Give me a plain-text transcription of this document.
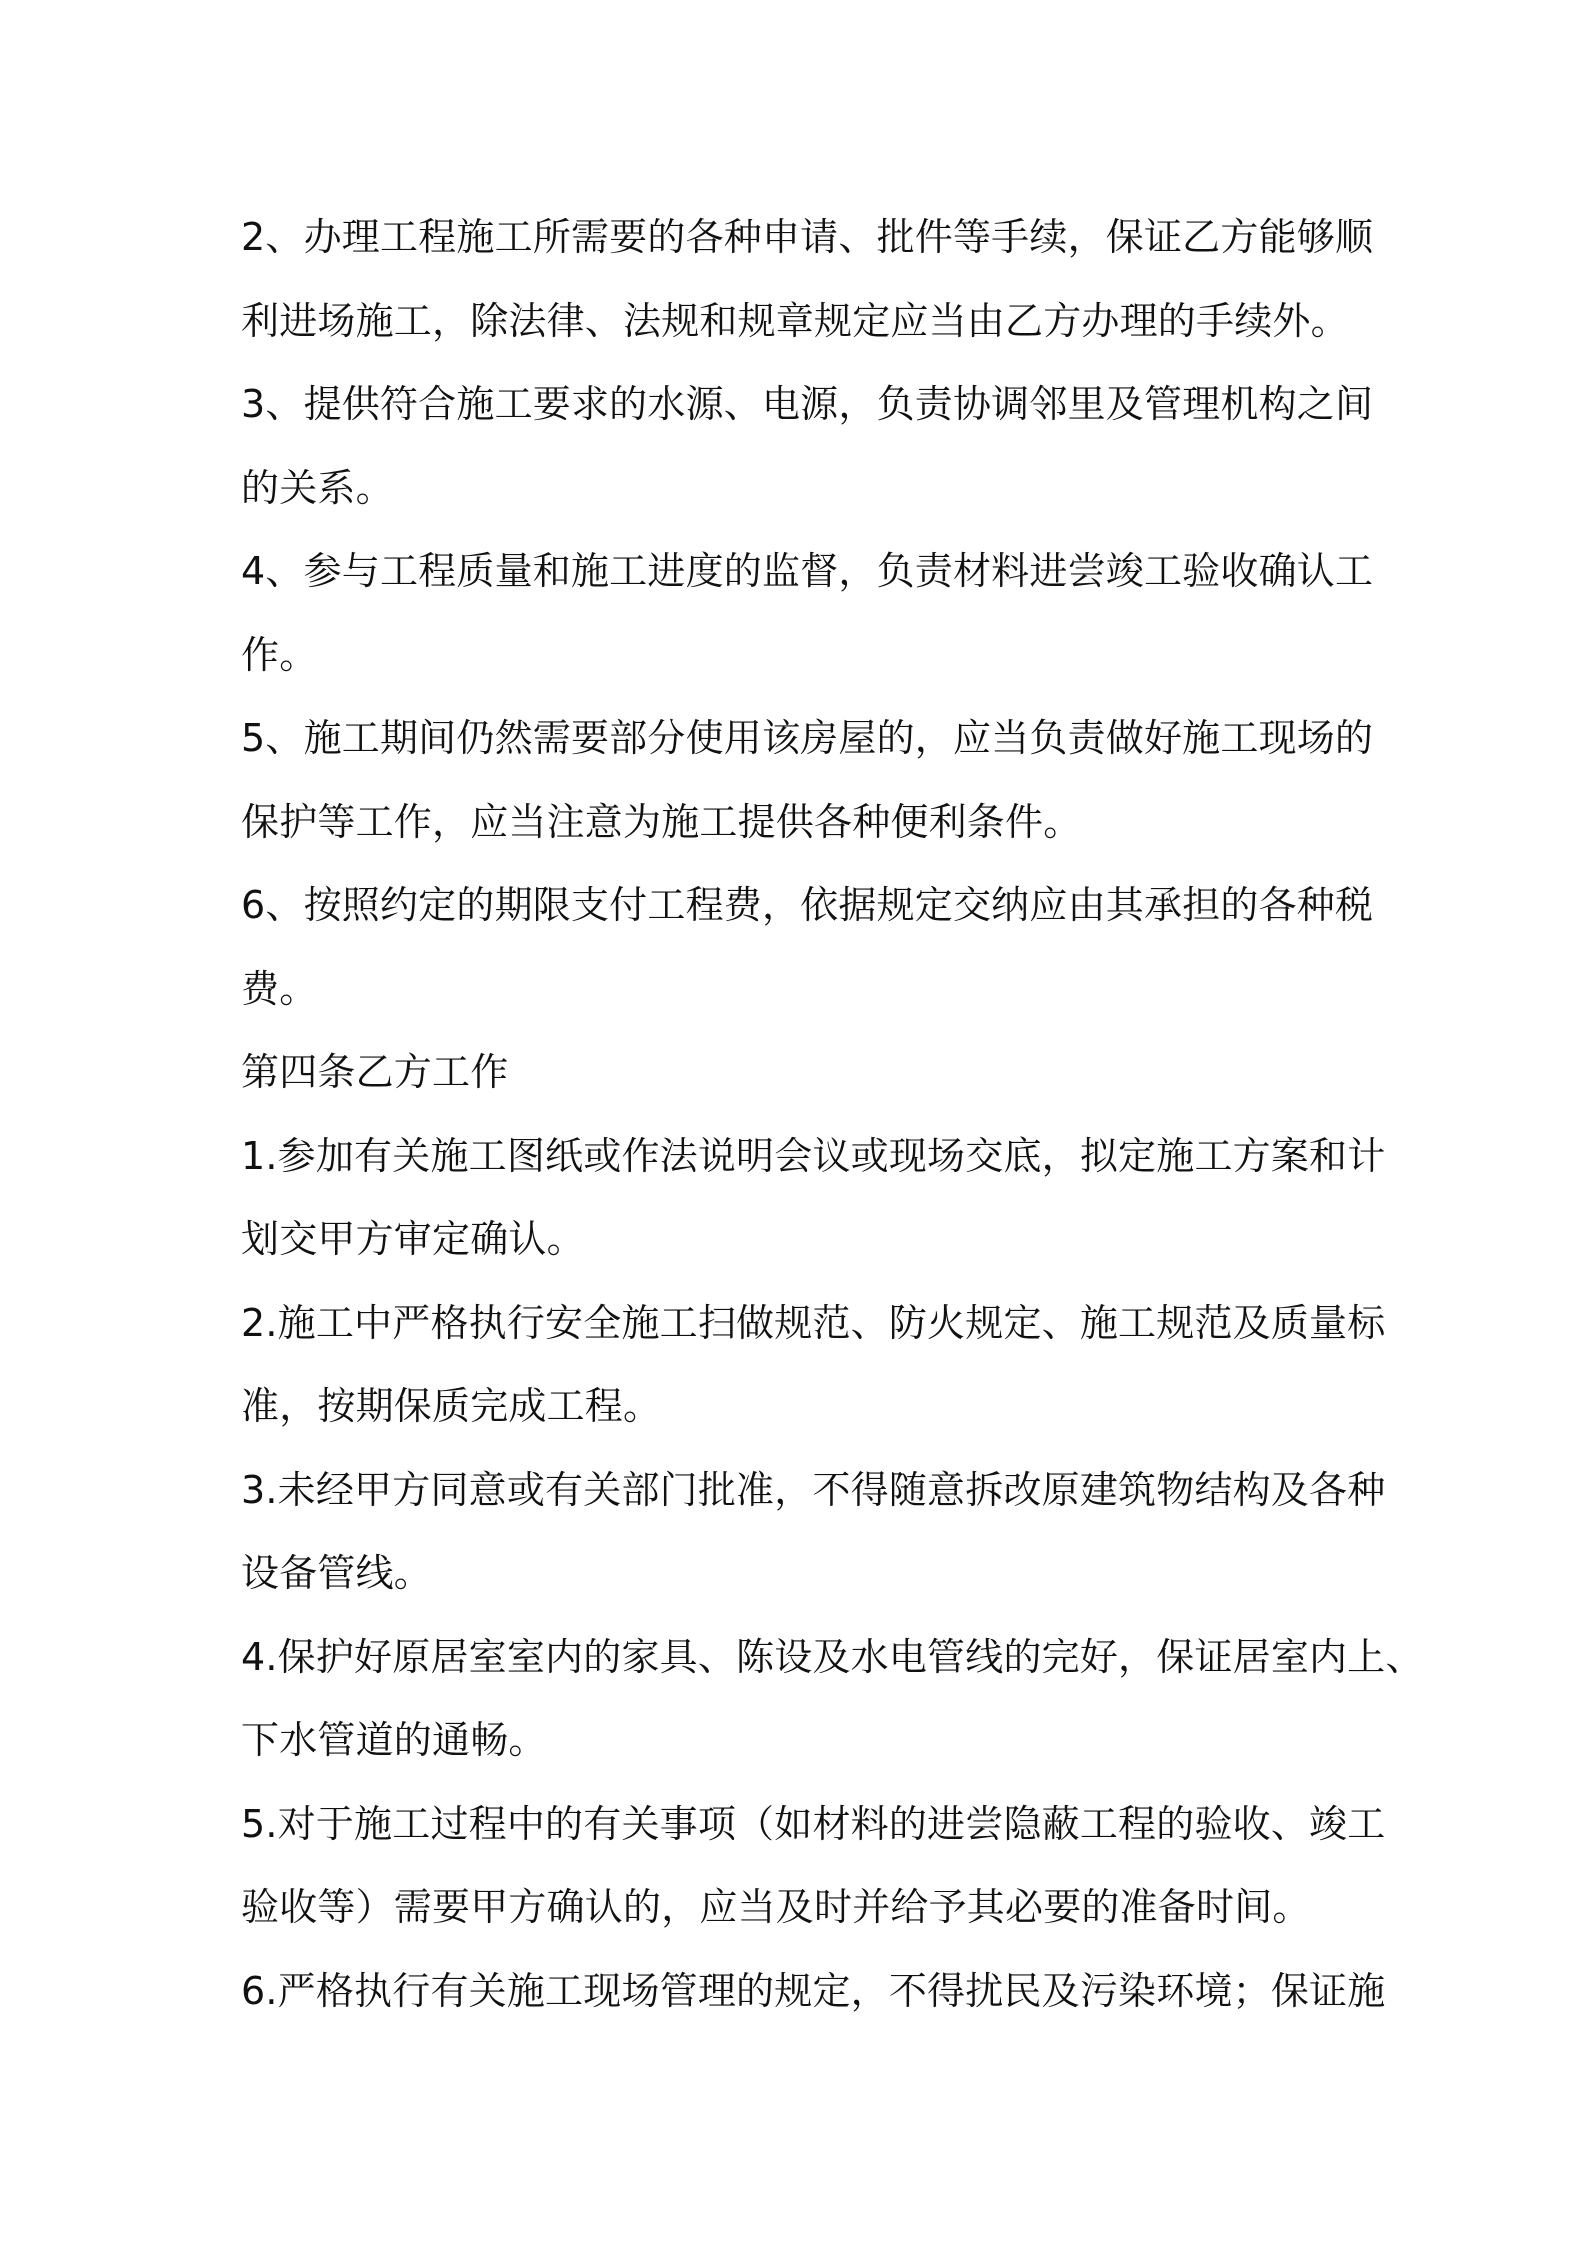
2、办理工程施工所需要的各种申请、批件等手续，保证乙方能够顺
利进场施工，除法律、法规和规章规定应当由乙方办理的手续外。
3、提供符合施工要求的水源、电源，负责协调邻里及管理机构之间
的关系。
4、参与工程质量和施工进度的监督，负责材料进尝竣工验收确认工
作。
5、施工期间仍然需要部分使用该房屋的，应当负责做好施工现场的
保护等工作，应当注意为施工提供各种便利条件。
6、按照约定的期限支付工程费，依据规定交纳应由其承担的各种税
费。
第四条乙方工作
1.参加有关施工图纸或作法说明会议或现场交底，拟定施工方案和计
划交甲方审定确认。
2.施工中严格执行安全施工扫做规范、防火规定、施工规范及质量标
准，按期保质完成工程。
3.未经甲方同意或有关部门批准，不得随意拆改原建筑物结构及各种
设备管线。
4.保护好原居室室内的家具、陈设及水电管线的完好，保证居室内上、
下水管道的通畅。
5.对于施工过程中的有关事项（如材料的进尝隐蔽工程的验收、竣工
验收等）需要甲方确认的，应当及时并给予其必要的准备时间。
6.严格执行有关施工现场管理的规定，不得扰民及污染环境；保证施
